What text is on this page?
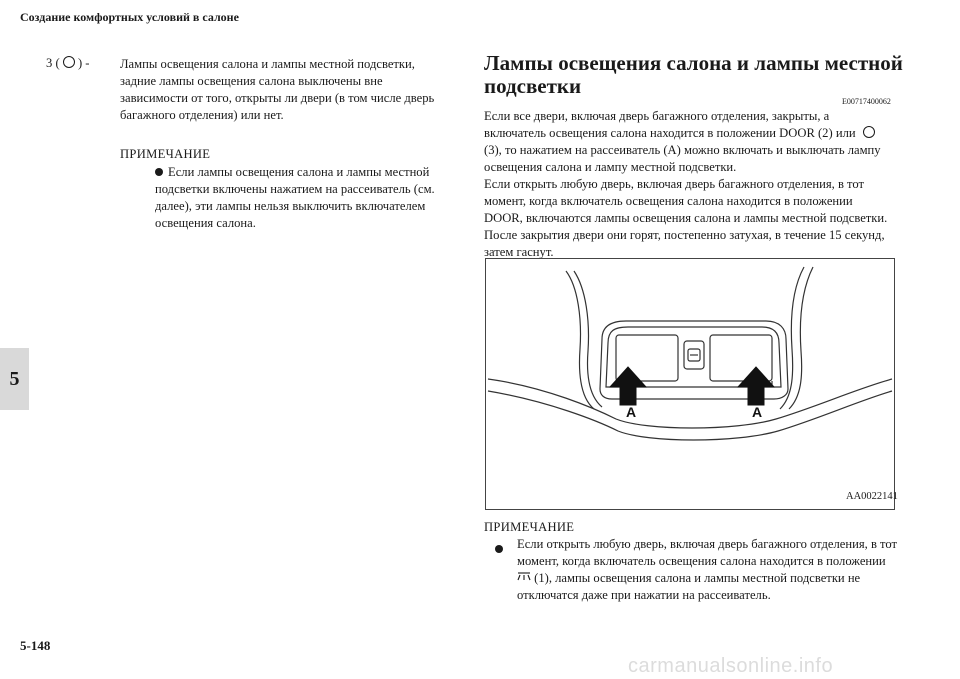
Создание комфортных условий в салоне
5
5-148
carmanualsonline.info
3 ( ) - Лампы освещения салона и лампы местной подсветки, задние лампы освещения салона выключены вне зависимости от того, открыты ли двери (в том числе дверь багажного отделения) или нет.
ПРИМЕЧАНИЕ
Если лампы освещения салона и лампы местной подсветки включены нажатием на рассеиватель (см. далее), эти лампы нельзя выключить включателем освещения салона.
Лампы освещения салона и лампы местной подсветки
E00717400062
Если все двери, включая дверь багажного отделения, закрыты, а включатель освещения салона находится в положении DOOR (2) или  (3), то нажатием на рассеиватель (A) можно включать и выключать лампу освещения салона и лампу местной подсветки.
Если открыть любую дверь, включая дверь багажного отделения, в тот момент, когда включатель освещения салона находится в положении DOOR, включаются лампы освещения салона и лампы местной подсветки. После закрытия двери они горят, постепенно затухая, в течение 15 секунд, затем гаснут.
A	A
AA0022141
ПРИМЕЧАНИЕ
Если открыть любую дверь, включая дверь багажного отделения, в тот момент, когда включатель освещения салона находится в положении  (1), лампы освещения салона и лампы местной подсветки не отключатся даже при нажатии на рассеиватель.
